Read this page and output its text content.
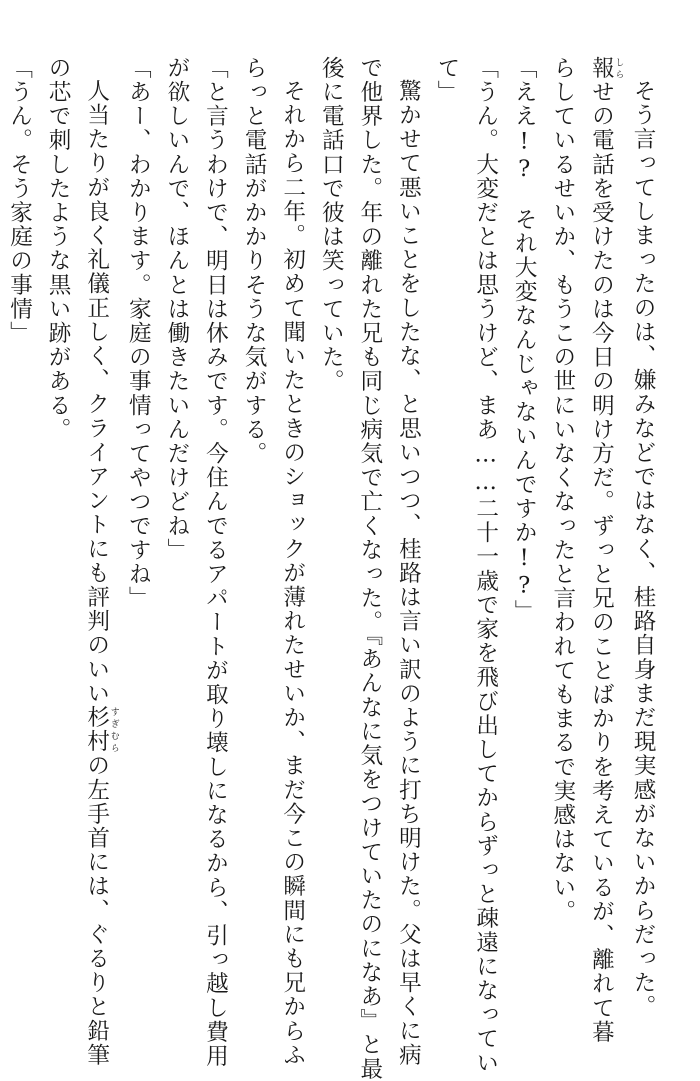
そう言ってしまったのは、嫌みなどではなく、桂路自身まだ現実感がないからだった。
報 しらせの電話を受けたのは今日の明け方だ。ずっと兄のことばかりを考えているが、離れて暮
らしているせいか、もうこの世にいなくなったと言われてもまるで実感はない。
「ええ!?　それ大変なんじゃないんですか!?」
「うん。大変だとは思うけど、まあ……二十一歳で家を飛び出してからずっと疎遠になってい
て」
驚かせて悪いことをしたな、と思いつつ、桂路は言い訳のように打ち明けた。父は早くに病
で他界した。年の離れた兄も同じ病気で亡くなった。『あんなに気をつけていたのになあ』と最
後に電話口で彼は笑っていた。
それから二年。初めて聞いたときのショックが薄れたせいか、まだ今この瞬間にも兄からふ
らっと電話がかかりそうな気がする。
「と言うわけで、明日は休みです。今住んでるアパートが取り壊しになるから、引っ越し費用
が欲しいんで、ほんとは働きたいんだけどね」
「あー、わかります。家庭の事情ってやつですね」
人当たりが良く礼儀正しく、クライアントにも評判のいい杉村 すぎむらの左手首には、ぐるりと鉛筆
の芯で刺したような黒い跡がある。
「うん。そう家庭の事情」
